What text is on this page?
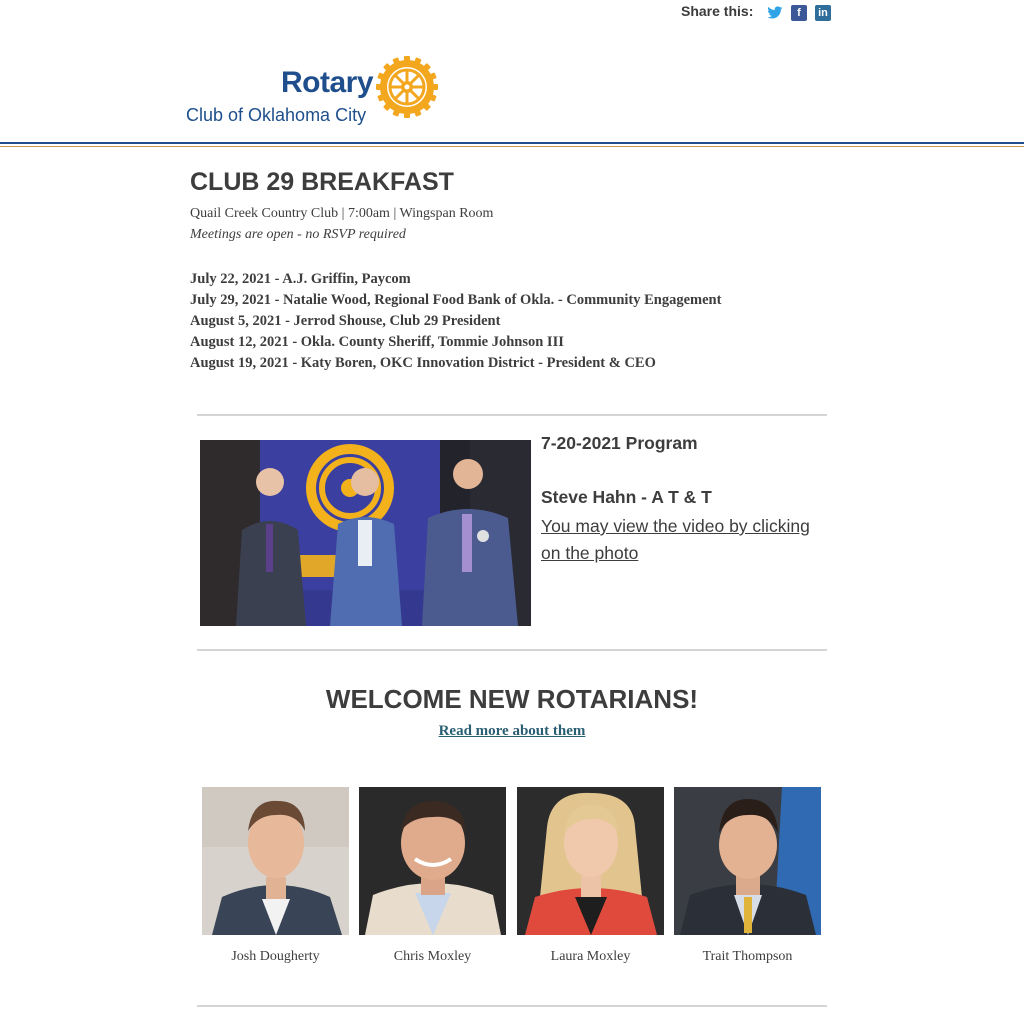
Share this:	f	in
Rotary
Club of Oklahoma City
CLUB 29 BREAKFAST
Quail Creek Country Club | 7:00am | Wingspan Room
Meetings are open - no RSVP required
July 22, 2021 - A.J. Griffin, Paycom
July 29, 2021 - Natalie Wood, Regional Food Bank of Okla. - Community Engagement
August 5, 2021 - Jerrod Shouse, Club 29 President
August 12, 2021 - Okla. County Sheriff, Tommie Johnson III
August 19, 2021 - Katy Boren, OKC Innovation District - President & CEO
7-20-2021 Program
Steve Hahn - A T & T
You may view the video by clicking on the photo
WELCOME NEW ROTARIANS!
Read more about them
Josh Dougherty	Chris Moxley	Laura Moxley	Trait Thompson
